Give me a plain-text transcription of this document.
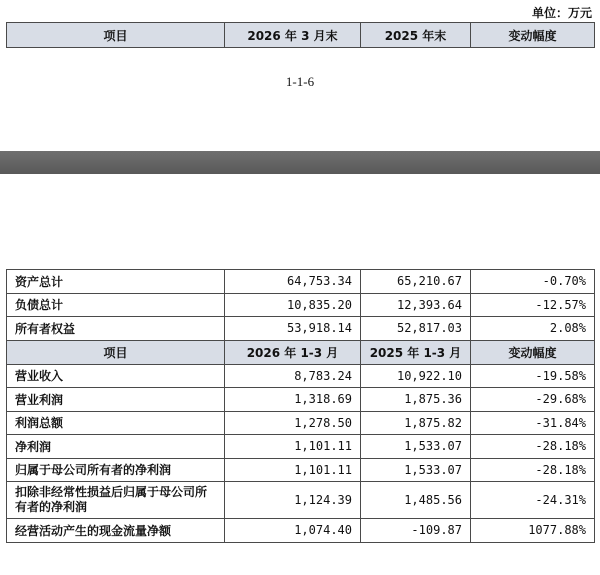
单位：万元
项目	2026 年 3 月末	2025 年末	变动幅度
1-1-6
资产总计	64,753.34	65,210.67	-0.70%
负债总计	10,835.20	12,393.64	-12.57%
所有者权益	53,918.14	52,817.03	2.08%
项目	2026 年 1-3 月	2025 年 1-3 月	变动幅度
营业收入	8,783.24	10,922.10	-19.58%
营业利润	1,318.69	1,875.36	-29.68%
利润总额	1,278.50	1,875.82	-31.84%
净利润	1,101.11	1,533.07	-28.18%
归属于母公司所有者的净利润	1,101.11	1,533.07	-28.18%
扣除非经常性损益后归属于母公司所有者的净利润	1,124.39	1,485.56	-24.31%
经营活动产生的现金流量净额	1,074.40	-109.87	1077.88%
